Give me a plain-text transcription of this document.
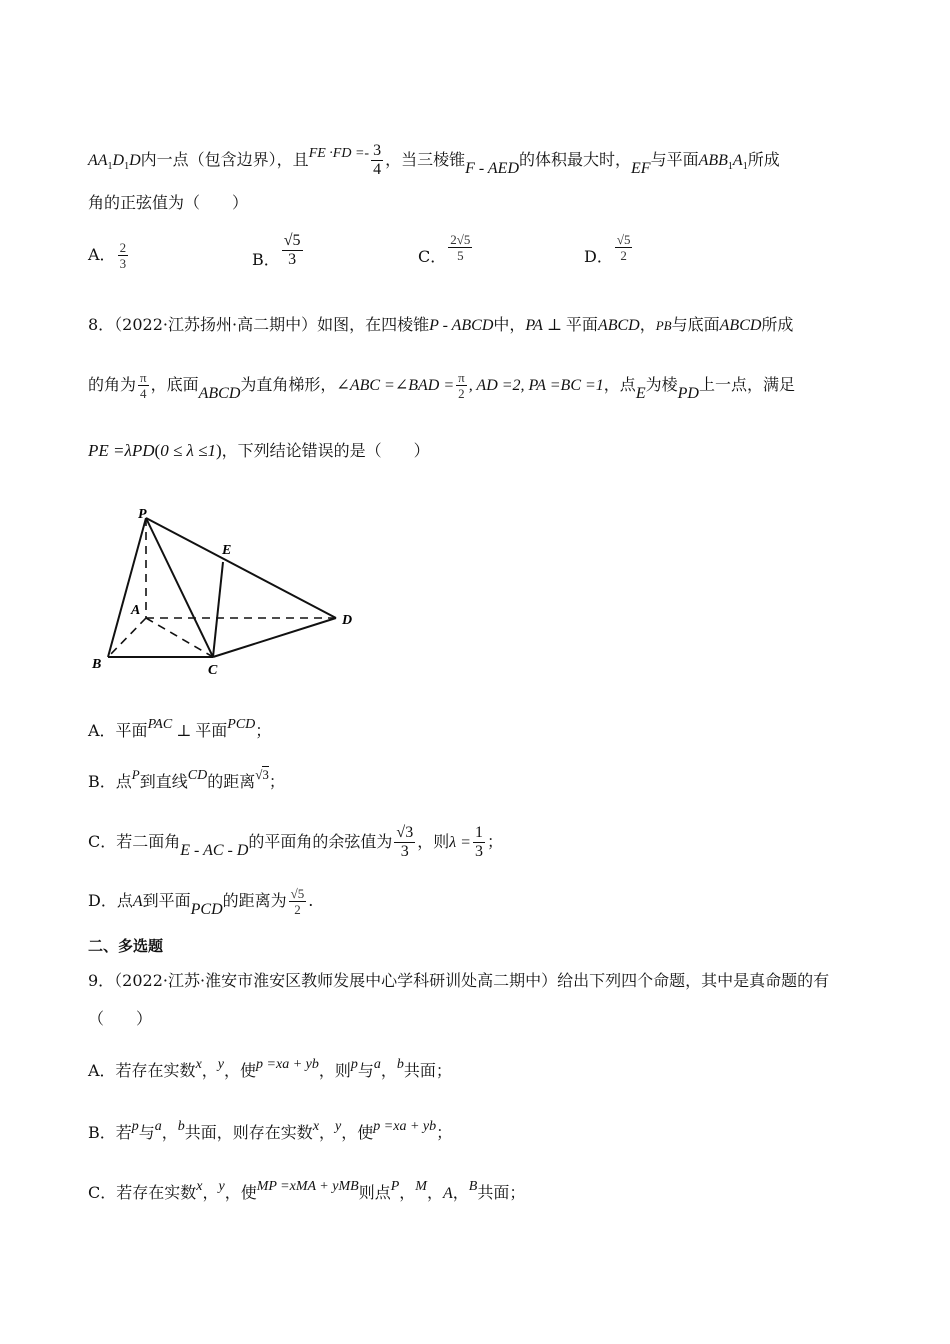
$AA_1D_1D$内一点（包含边界），且FE $\cdot FD =- \frac{3}{4}$ ，当三棱锥F - AED的体积最大时，EF与平面$ABB_1A_1$所成
角的正弦值为（　　）
A． $\frac{2}{3}$	B． $\frac{√5}{3}$	C． $\frac{2√5}{5}$	D． $\frac{√5}{2}$
8．（2022·江苏扬州·高二期中）如图，在四棱锥P - ABCD中，PA ⊥ 平面ABCD，PB与底面ABCD所成
的角为 $\frac{\pi}{4}$ ，底面ABCD为直角梯形，∠ABC =∠BAD = $\frac{\pi}{2}$ , AD =2, PA =BC =1，点E为棱PD上一点，满足
PE =λPD(0 ≤ λ ≤1)，下列结论错误的是（　　）
P
E
A
D
B	C
A．平面PAC ⊥ 平面PCD；
B．点$^P$到直线CD的距离$^{√3}$；
C．若二面角E - AC - D的平面角的余弦值为 $\frac{√3}{3}$ ，则$\lambda = \frac{1}{3}$ ；
D．点A到平面PCD的距离为 $\frac{√5}{2}$ .
二、多选题
9．（2022·江苏·淮安市淮安区教师发展中心学科研训处高二期中）给出下列四个命题，其中是真命题的有
（　　）
A．若存在实数x，y，使p =xa + yb，则p与a，b共面；
B．若p与a，b共面，则存在实数x，y，使p =xa + yb；
C．若存在实数x，y，使MP =xMA + yMB则点P，M，A，B共面；
